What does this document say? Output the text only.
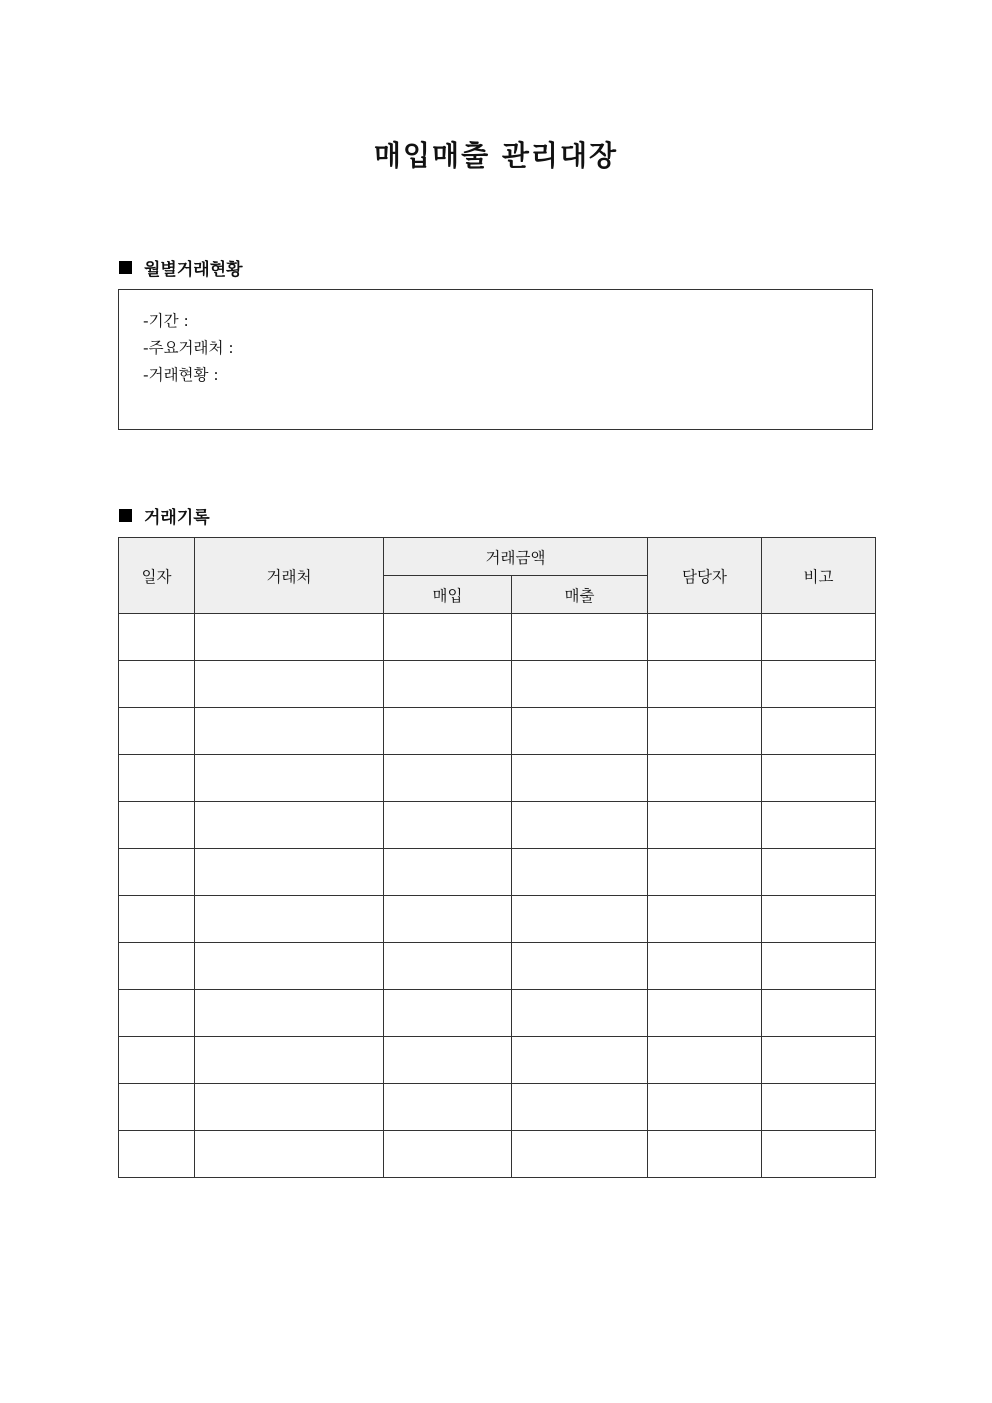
매입매출 관리대장
월별거래현황
-기간 :
-주요거래처 :
-거래현황 :
거래기록
일자	거래처	거래금액		담당자	비고
		매입	매출		
